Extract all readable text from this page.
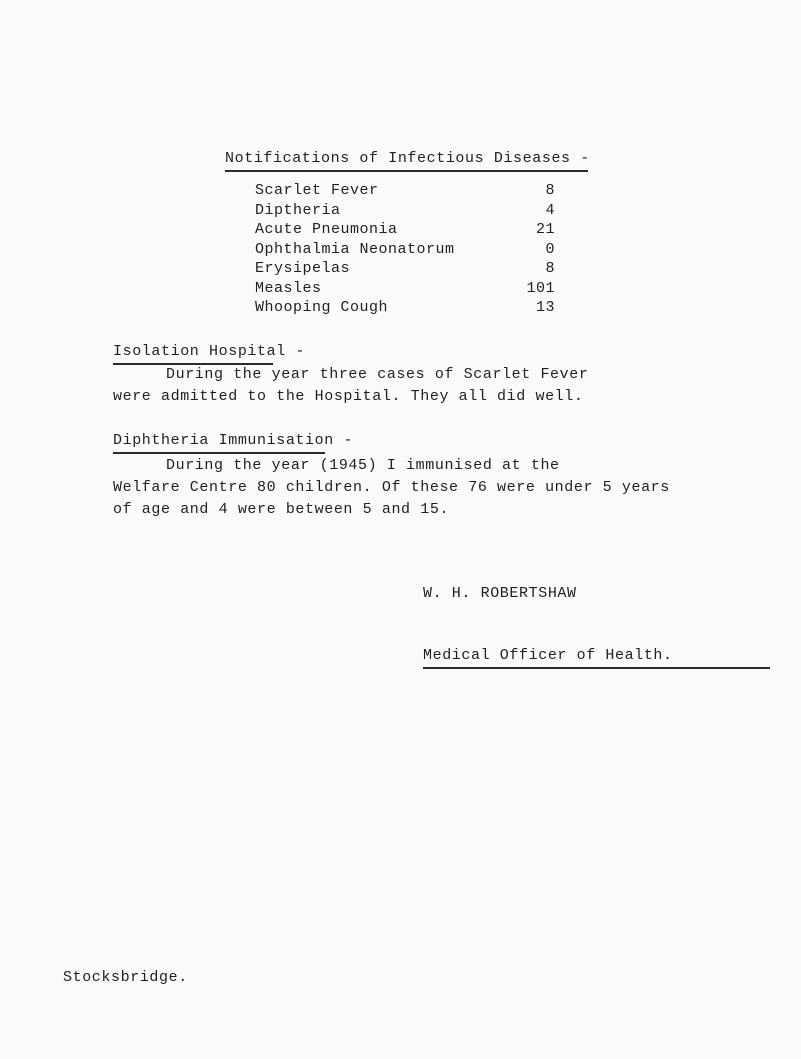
Notifications of Infectious Diseases -
Scarlet Fever	8
Diptheria	4
Acute Pneumonia	21
Ophthalmia Neonatorum	0
Erysipelas	8
Measles	101
Whooping Cough	13
Isolation Hospital -
During the year three cases of Scarlet Fever
were admitted to the Hospital. They all did well.
Diphtheria Immunisation -
During the year (1945) I immunised at the
Welfare Centre 80 children. Of these 76 were under 5 years
of age and 4 were between 5 and 15.
W. H. ROBERTSHAW
Medical Officer of Health.
Stocksbridge.
